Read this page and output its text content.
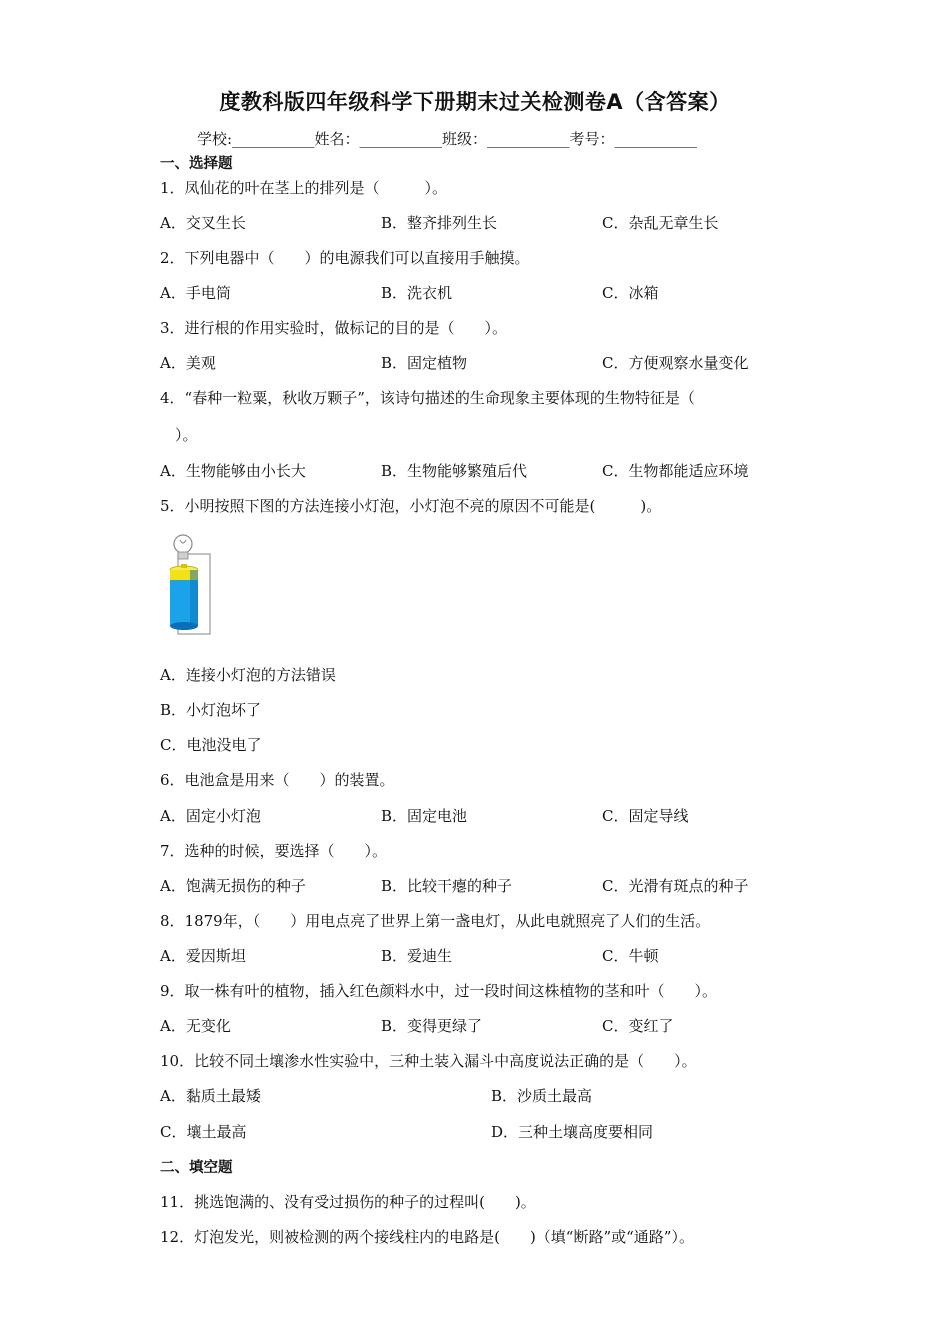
度教科版四年级科学下册期末过关检测卷A（含答案）
学校:___________姓名：___________班级：___________考号：___________
一、选择题
1．凤仙花的叶在茎上的排列是（　　　）。
A．交叉生长	B．整齐排列生长	C．杂乱无章生长
2．下列电器中（　　）的电源我们可以直接用手触摸。
A．手电筒	B．洗衣机	C．冰箱
3．进行根的作用实验时，做标记的目的是（　　）。
A．美观	B．固定植物	C．方便观察水量变化
4．“春种一粒粟，秋收万颗子”，该诗句描述的生命现象主要体现的生物特征是（
　）。
A．生物能够由小长大	B．生物能够繁殖后代	C．生物都能适应环境
5．小明按照下图的方法连接小灯泡，小灯泡不亮的原因不可能是(　　　)。
A．连接小灯泡的方法错误
B．小灯泡坏了
C．电池没电了
6．电池盒是用来（　　）的装置。
A．固定小灯泡	B．固定电池	C．固定导线
7．选种的时候，要选择（　　）。
A．饱满无损伤的种子	B．比较干瘪的种子	C．光滑有斑点的种子
8．1879年，（　　）用电点亮了世界上第一盏电灯，从此电就照亮了人们的生活。
A．爱因斯坦	B．爱迪生	C．牛顿
9．取一株有叶的植物，插入红色颜料水中，过一段时间这株植物的茎和叶（　　）。
A．无变化	B．变得更绿了	C．变红了
10．比较不同土壤渗水性实验中，三种土装入漏斗中高度说法正确的是（　　）。
A．黏质土最矮	B．沙质土最高
C．壤土最高	D．三种土壤高度要相同
二、填空题
11．挑选饱满的、没有受过损伤的种子的过程叫(　　)。
12．灯泡发光，则被检测的两个接线柱内的电路是(　　)（填“断路”或“通路”）。
